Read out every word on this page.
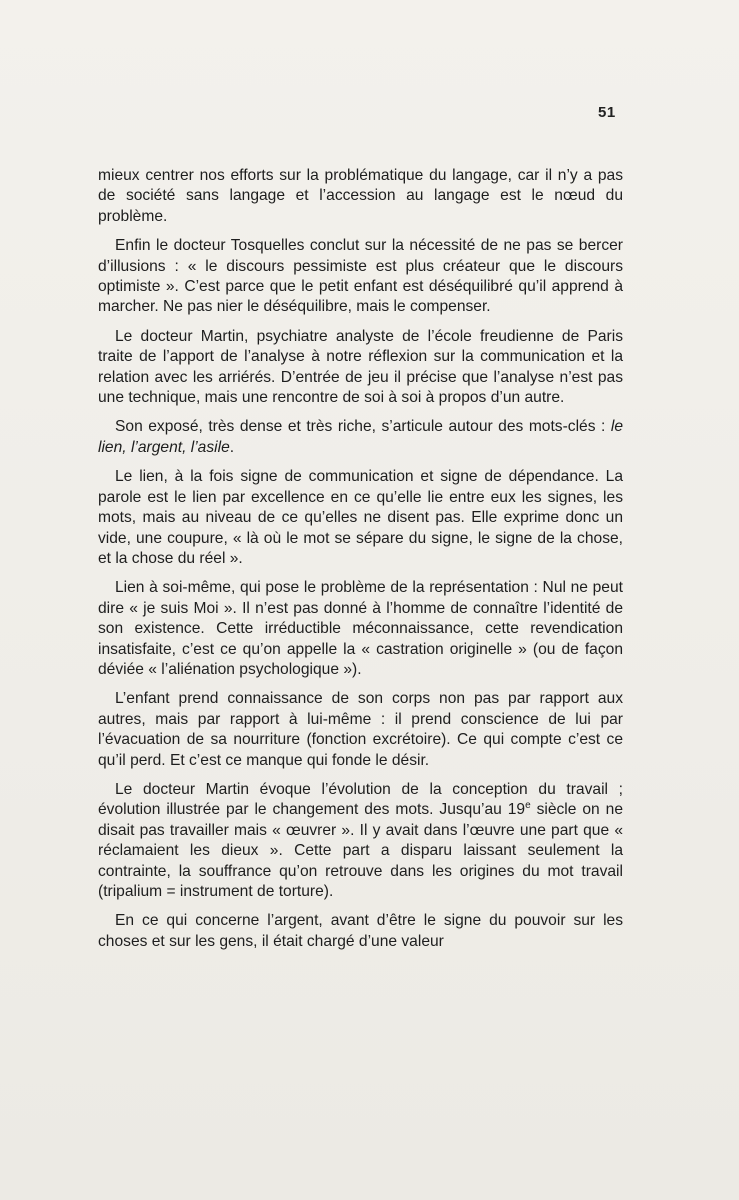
51

mieux centrer nos efforts sur la problématique du langage, car il n’y a pas de société sans langage et l’accession au langage est le nœud du problème.

Enfin le docteur Tosquelles conclut sur la nécessité de ne pas se bercer d’illusions : « le discours pessimiste est plus créateur que le discours optimiste ». C’est parce que le petit enfant est déséquilibré qu’il apprend à marcher. Ne pas nier le déséquilibre, mais le compenser.

Le docteur Martin, psychiatre analyste de l’école freudienne de Paris traite de l’apport de l’analyse à notre réflexion sur la communication et la relation avec les arriérés. D’entrée de jeu il précise que l’analyse n’est pas une technique, mais une rencontre de soi à soi à propos d’un autre.

Son exposé, très dense et très riche, s’articule autour des mots-clés : le lien, l’argent, l’asile.

Le lien, à la fois signe de communication et signe de dépendance. La parole est le lien par excellence en ce qu’elle lie entre eux les signes, les mots, mais au niveau de ce qu’elles ne disent pas. Elle exprime donc un vide, une coupure, « là où le mot se sépare du signe, le signe de la chose, et la chose du réel ».

Lien à soi-même, qui pose le problème de la représentation : Nul ne peut dire « je suis Moi ». Il n’est pas donné à l’homme de connaître l’identité de son existence. Cette irréductible méconnaissance, cette revendication insatisfaite, c’est ce qu’on appelle la « castration originelle » (ou de façon déviée « l’aliénation psychologique »).

L’enfant prend connaissance de son corps non pas par rapport aux autres, mais par rapport à lui-même : il prend conscience de lui par l’évacuation de sa nourriture (fonction excrétoire). Ce qui compte c’est ce qu’il perd. Et c’est ce manque qui fonde le désir.

Le docteur Martin évoque l’évolution de la conception du travail ; évolution illustrée par le changement des mots. Jusqu’au 19e siècle on ne disait pas travailler mais « œuvrer ». Il y avait dans l’œuvre une part que « réclamaient les dieux ». Cette part a disparu laissant seulement la contrainte, la souffrance qu’on retrouve dans les origines du mot travail (tripalium = instrument de torture).

En ce qui concerne l’argent, avant d’être le signe du pouvoir sur les choses et sur les gens, il était chargé d’une valeur
